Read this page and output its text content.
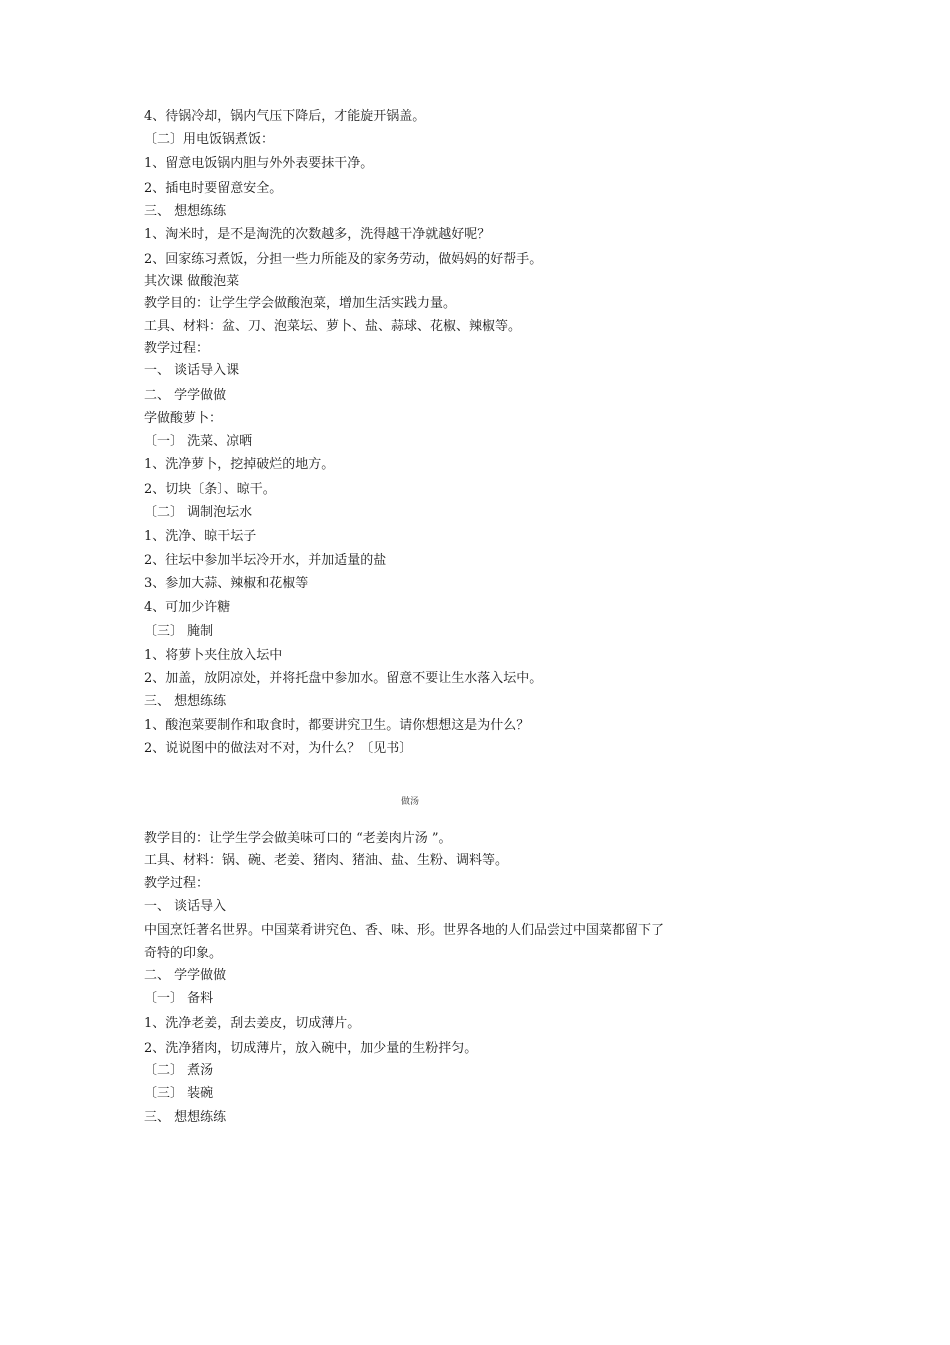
4、待锅冷却，锅内气压下降后，才能旋开锅盖。
〔二〕用电饭锅煮饭：
1、留意电饭锅内胆与外外表要抹干净。
2、插电时要留意安全。
三、 想想练练
1、淘米时，是不是淘洗的次数越多，洗得越干净就越好呢？
2、回家练习煮饭，分担一些力所能及的家务劳动，做妈妈的好帮手。
其次课 做酸泡菜
教学目的：让学生学会做酸泡菜，增加生活实践力量。
工具、材料：盆、刀、泡菜坛、萝卜、盐、蒜球、花椒、辣椒等。
教学过程：
一、 谈话导入课
二、 学学做做
学做酸萝卜：
〔一〕 洗菜、凉晒
1、洗净萝卜，挖掉破烂的地方。
2、切块〔条〕、晾干。
〔二〕 调制泡坛水
1、洗净、晾干坛子
2、往坛中参加半坛冷开水，并加适量的盐
3、参加大蒜、辣椒和花椒等
4、可加少许糖
〔三〕 腌制
1、将萝卜夹住放入坛中
2、加盖，放阴凉处，并将托盘中参加水。留意不要让生水落入坛中。
三、 想想练练
1、酸泡菜要制作和取食时，都要讲究卫生。请你想想这是为什么？
2、说说图中的做法对不对，为什么？〔见书〕
做汤
教学目的：让学生学会做美味可口的 “老姜肉片汤 ”。
工具、材料：锅、碗、老姜、猪肉、猪油、盐、生粉、调料等。
教学过程：
一、 谈话导入
中国烹饪著名世界。中国菜肴讲究色、香、味、形。世界各地的人们品尝过中国菜都留下了
奇特的印象。
二、 学学做做
〔一〕 备料
1、洗净老姜，刮去姜皮，切成薄片。
2、洗净猪肉，切成薄片，放入碗中，加少量的生粉拌匀。
〔二〕 煮汤
〔三〕 装碗
三、 想想练练
